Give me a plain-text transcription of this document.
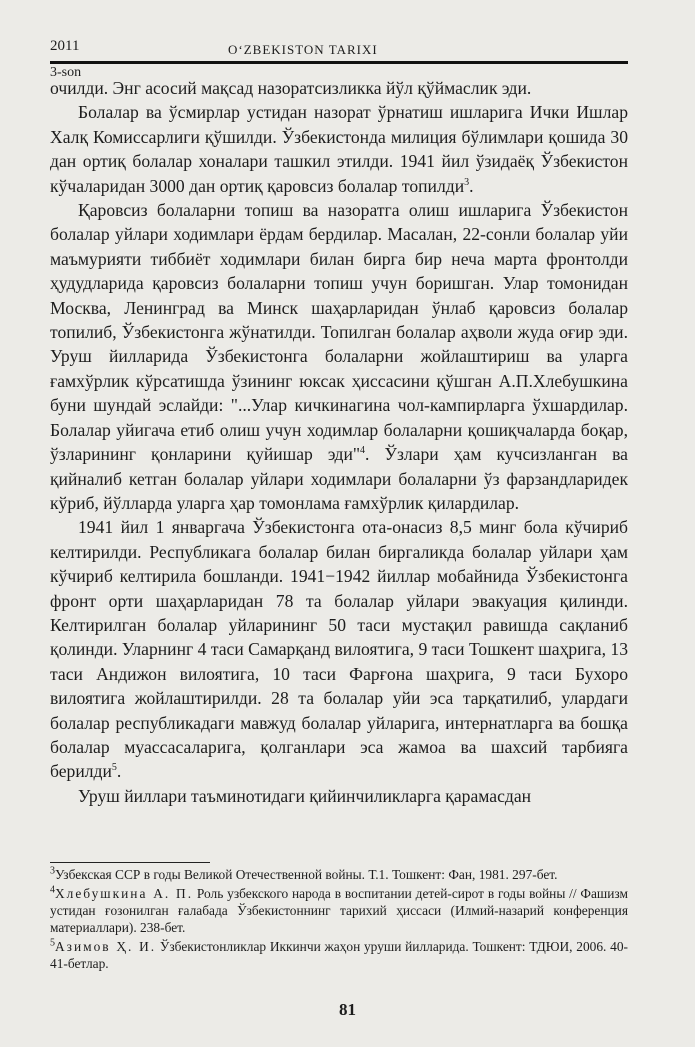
2011	O‘ZBEKISTON TARIXI
3-son

очилди. Энг асосий мақсад назоратсизликка йўл қўймаслик эди.

Болалар ва ўсмирлар устидан назорат ўрнатиш ишларига Ички Ишлар Халқ Комиссарлиги қўшилди. Ўзбекистонда милиция бўлимлари қошида 30 дан ортиқ болалар хоналари ташкил этилди. 1941 йил ўзидаёқ Ўзбекистон кўчаларидан 3000 дан ортиқ қаровсиз болалар топилди$^3$.

Қаровсиз болаларни топиш ва назоратга олиш ишларига Ўзбекистон болалар уйлари ходимлари ёрдам бердилар. Масалан, 22-сонли болалар уйи маъмурияти тиббиёт ходимлари билан бирга бир неча марта фронтолди ҳудудларида қаровсиз болаларни топиш учун боришган. Улар томонидан Москва, Ленинград ва Минск шаҳарларидан ўнлаб қаровсиз болалар топилиб, Ўзбекистонга жўнатилди. Топилган болалар аҳволи жуда оғир эди. Уруш йилларида Ўзбекистонга болаларни жойлаштириш ва уларга ғамхўрлик кўрсатишда ўзининг юксак ҳиссасини қўшган А.П.Хлебушкина буни шундай эслайди: "...Улар кичкинагина чол-кампирларга ўхшардилар. Болалар уйигача етиб олиш учун ходимлар болаларни қошиқчаларда боқар, ўзларининг қонларини қуйишар эди"$^4$. Ўзлари ҳам кучсизланган ва қийналиб кетган болалар уйлари ходимлари болаларни ўз фарзандларидек кўриб, йўлларда уларга ҳар томонлама ғамхўрлик қилардилар.

1941 йил 1 январгача Ўзбекистонга ота-онасиз 8,5 минг бола кўчириб келтирилди. Республикага болалар билан биргаликда болалар уйлари ҳам кўчириб келтирила бошланди. 1941−1942 йиллар мобайнида Ўзбекистонга фронт орти шаҳарларидан 78 та болалар уйлари эвакуация қилинди. Келтирилган болалар уйларининг 50 таси мустақил равишда сақланиб қолинди. Уларнинг 4 таси Самарқанд вилоятига, 9 таси Тошкент шаҳрига, 13 таси Андижон вилоятига, 10 таси Фарғона шаҳрига, 9 таси Бухоро вилоятига жойлаштирилди. 28 та болалар уйи эса тарқатилиб, улардаги болалар республикадаги мавжуд болалар уйларига, интернатларга ва бошқа болалар муассасаларига, қолганлари эса жамоа ва шахсий тарбияга берилди$^5$.

Уруш йиллари таъминотидаги қийинчиликларга қарамасдан

$^3$Узбекская ССР в годы Великой Отечественной войны. Т.1. Тошкент: Фан, 1981. 297-бет.

$^4$Хлебушкина А. П. Роль узбекского народа в воспитании детей-сирот в годы войны // Фашизм устидан ғозонилган ғалабада Ўзбекистоннинг тарихий ҳиссаси (Илмий-назарий конференция материаллари). 238-бет.

$^5$Азимов Ҳ. И. Ўзбекистонликлар Иккинчи жаҳон уруши йилларида. Тошкент: ТДЮИ, 2006. 40-41-бетлар.

81
